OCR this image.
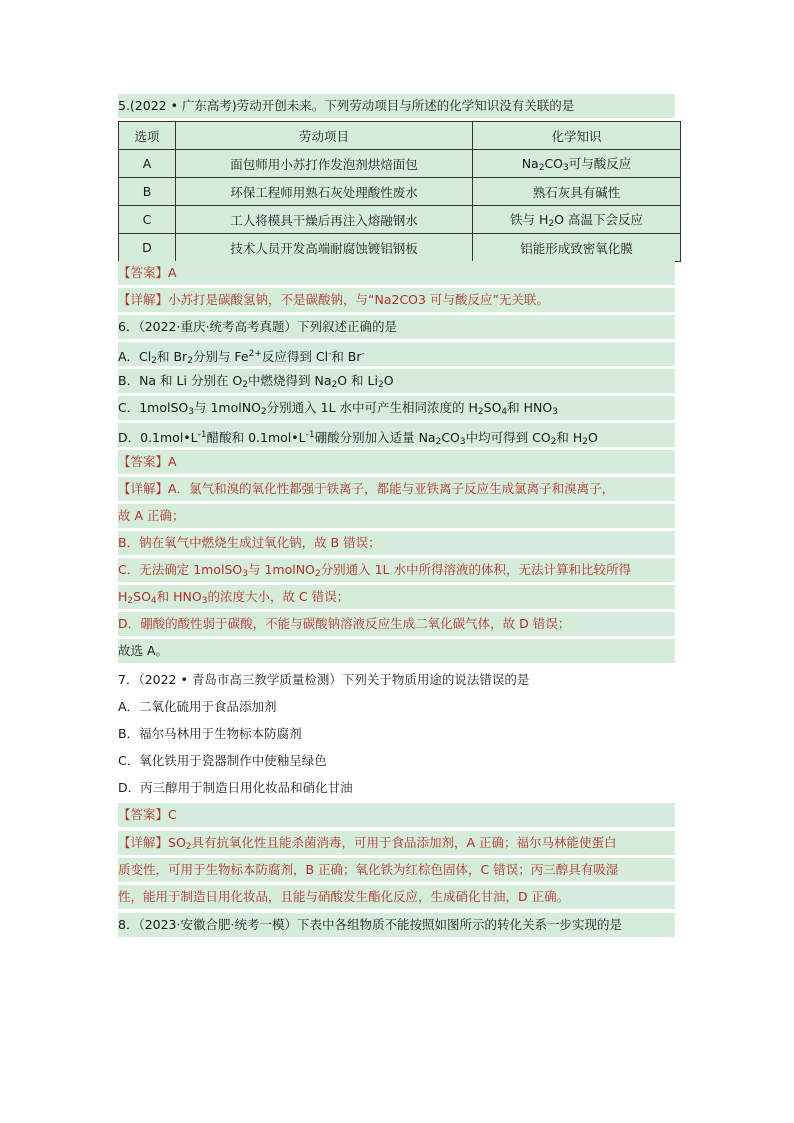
5.(2022 • 广东高考)劳动开创未来。下列劳动项目与所述的化学知识没有关联的是
选项	劳动项目	化学知识
A	面包师用小苏打作发泡剂烘焙面包	$Na_2CO_3$可与酸反应
B	环保工程师用熟石灰处理酸性废水	熟石灰具有碱性
C	工人将模具干燥后再注入熔融钢水	铁与 $H_2O$ 高温下会反应
D	技术人员开发高端耐腐蚀镀铝钢板	铝能形成致密氧化膜
【答案】A
【详解】小苏打是碳酸氢钠，不是碳酸钠，与“Na2CO3 可与酸反应”无关联。
6．（2022·重庆·统考高考真题）下列叙述正确的是
A．$Cl_2$和 $Br_2$分别与 $Fe^{2+}$反应得到 Cl-和 Br-
B．Na 和 Li 分别在 $O_2$中燃烧得到 $Na_2O$ 和 $Li_2O$
C．1molSO$_3$与 1molNO$_2$分别通入 1L 水中可产生相同浓度的 $H_2SO_4$和 $HNO_3$
D．$0.1mol•L^{-1}$醋酸和 $0.1mol•L^{-1}$硼酸分别加入适量 $Na_2CO_3$中均可得到 $CO_2$和 $H_2O$
【答案】A
【详解】A．氯气和溴的氧化性都强于铁离子，都能与亚铁离子反应生成氯离子和溴离子，
故 A 正确；
B．钠在氧气中燃烧生成过氧化钠，故 B 错误；
C．无法确定 1molSO$_3$与 1molNO$_2$分别通入 1L 水中所得溶液的体积，无法计算和比较所得
$H_2SO_4$和 $HNO_3$的浓度大小，故 C 错误；
D．硼酸的酸性弱于碳酸，不能与碳酸钠溶液反应生成二氧化碳气体，故 D 错误；
故选 A。
7．（2022 • 青岛市高三教学质量检测）下列关于物质用途的说法错误的是
A．二氧化硫用于食品添加剂
B．福尔马林用于生物标本防腐剂
C．氧化铁用于瓷器制作中使釉呈绿色
D．丙三醇用于制造日用化妆品和硝化甘油
【答案】C
【详解】$SO_2$具有抗氧化性且能杀菌消毒，可用于食品添加剂，A 正确；福尔马林能使蛋白
质变性，可用于生物标本防腐剂，B 正确；氧化铁为红棕色固体，C 错误；丙三醇具有吸湿
性，能用于制造日用化妆品，且能与硝酸发生酯化反应，生成硝化甘油，D 正确。
8．（2023·安徽合肥·统考一模）下表中各组物质不能按照如图所示的转化关系一步实现的是
